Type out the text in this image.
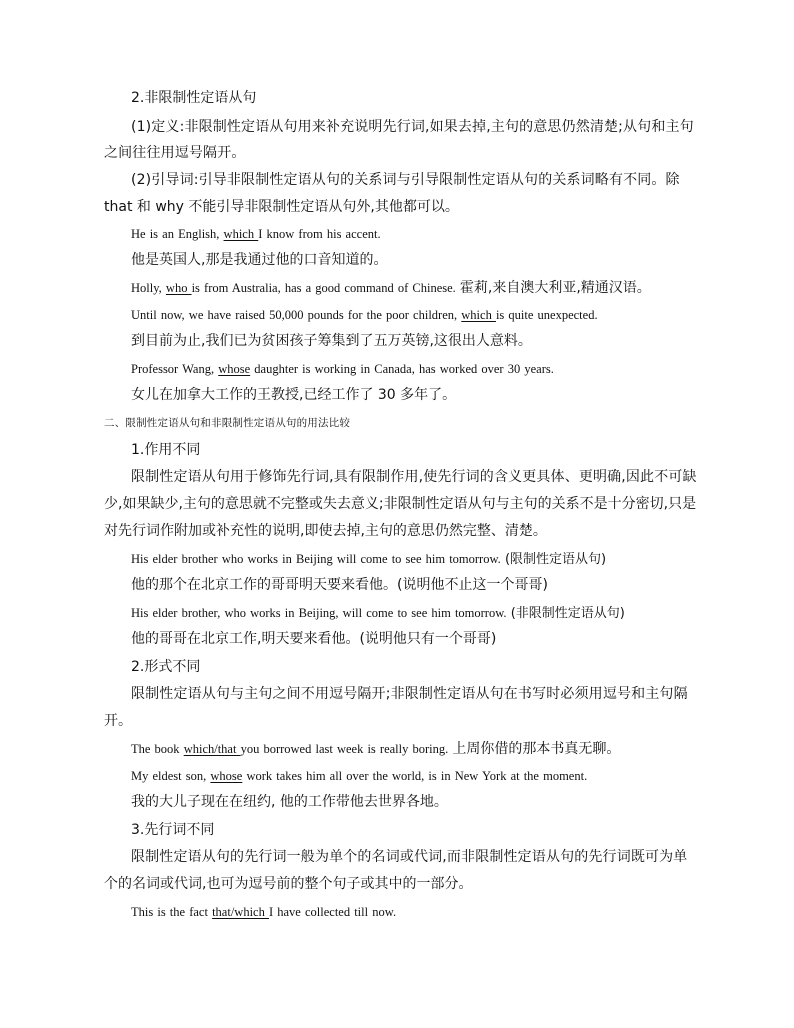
2.非限制性定语从句

(1)定义:非限制性定语从句用来补充说明先行词,如果去掉,主句的意思仍然清楚;从句和主句

之间往往用逗号隔开。

(2)引导词:引导非限制性定语从句的关系词与引导限制性定语从句的关系词略有不同。除

that 和 why 不能引导非限制性定语从句外,其他都可以。

He is an English, which I know from his accent.

他是英国人,那是我通过他的口音知道的。

Holly, who is from Australia, has a good command of Chinese. 霍莉,来自澳大利亚,精通汉语。

Until now, we have raised 50,000 pounds for the poor children, which is quite unexpected.

到目前为止,我们已为贫困孩子筹集到了五万英镑,这很出人意料。

Professor Wang, whose daughter is working in Canada, has worked over 30 years.

女儿在加拿大工作的王教授,已经工作了 30 多年了。

二、限制性定语从句和非限制性定语从句的用法比较

1.作用不同

限制性定语从句用于修饰先行词,具有限制作用,使先行词的含义更具体、更明确,因此不可缺

少,如果缺少,主句的意思就不完整或失去意义;非限制性定语从句与主句的关系不是十分密切,只是

对先行词作附加或补充性的说明,即使去掉,主句的意思仍然完整、清楚。

His elder brother who works in Beijing will come to see him tomorrow. (限制性定语从句)

他的那个在北京工作的哥哥明天要来看他。(说明他不止这一个哥哥)

His elder brother, who works in Beijing, will come to see him tomorrow. (非限制性定语从句)

他的哥哥在北京工作,明天要来看他。(说明他只有一个哥哥)

2.形式不同

限制性定语从句与主句之间不用逗号隔开;非限制性定语从句在书写时必须用逗号和主句隔

开。

The book which/that you borrowed last week is really boring. 上周你借的那本书真无聊。

My eldest son, whose work takes him all over the world, is in New York at the moment.

我的大儿子现在在纽约, 他的工作带他去世界各地。

3.先行词不同

限制性定语从句的先行词一般为单个的名词或代词,而非限制性定语从句的先行词既可为单

个的名词或代词,也可为逗号前的整个句子或其中的一部分。

This is the fact that/which I have collected till now.
